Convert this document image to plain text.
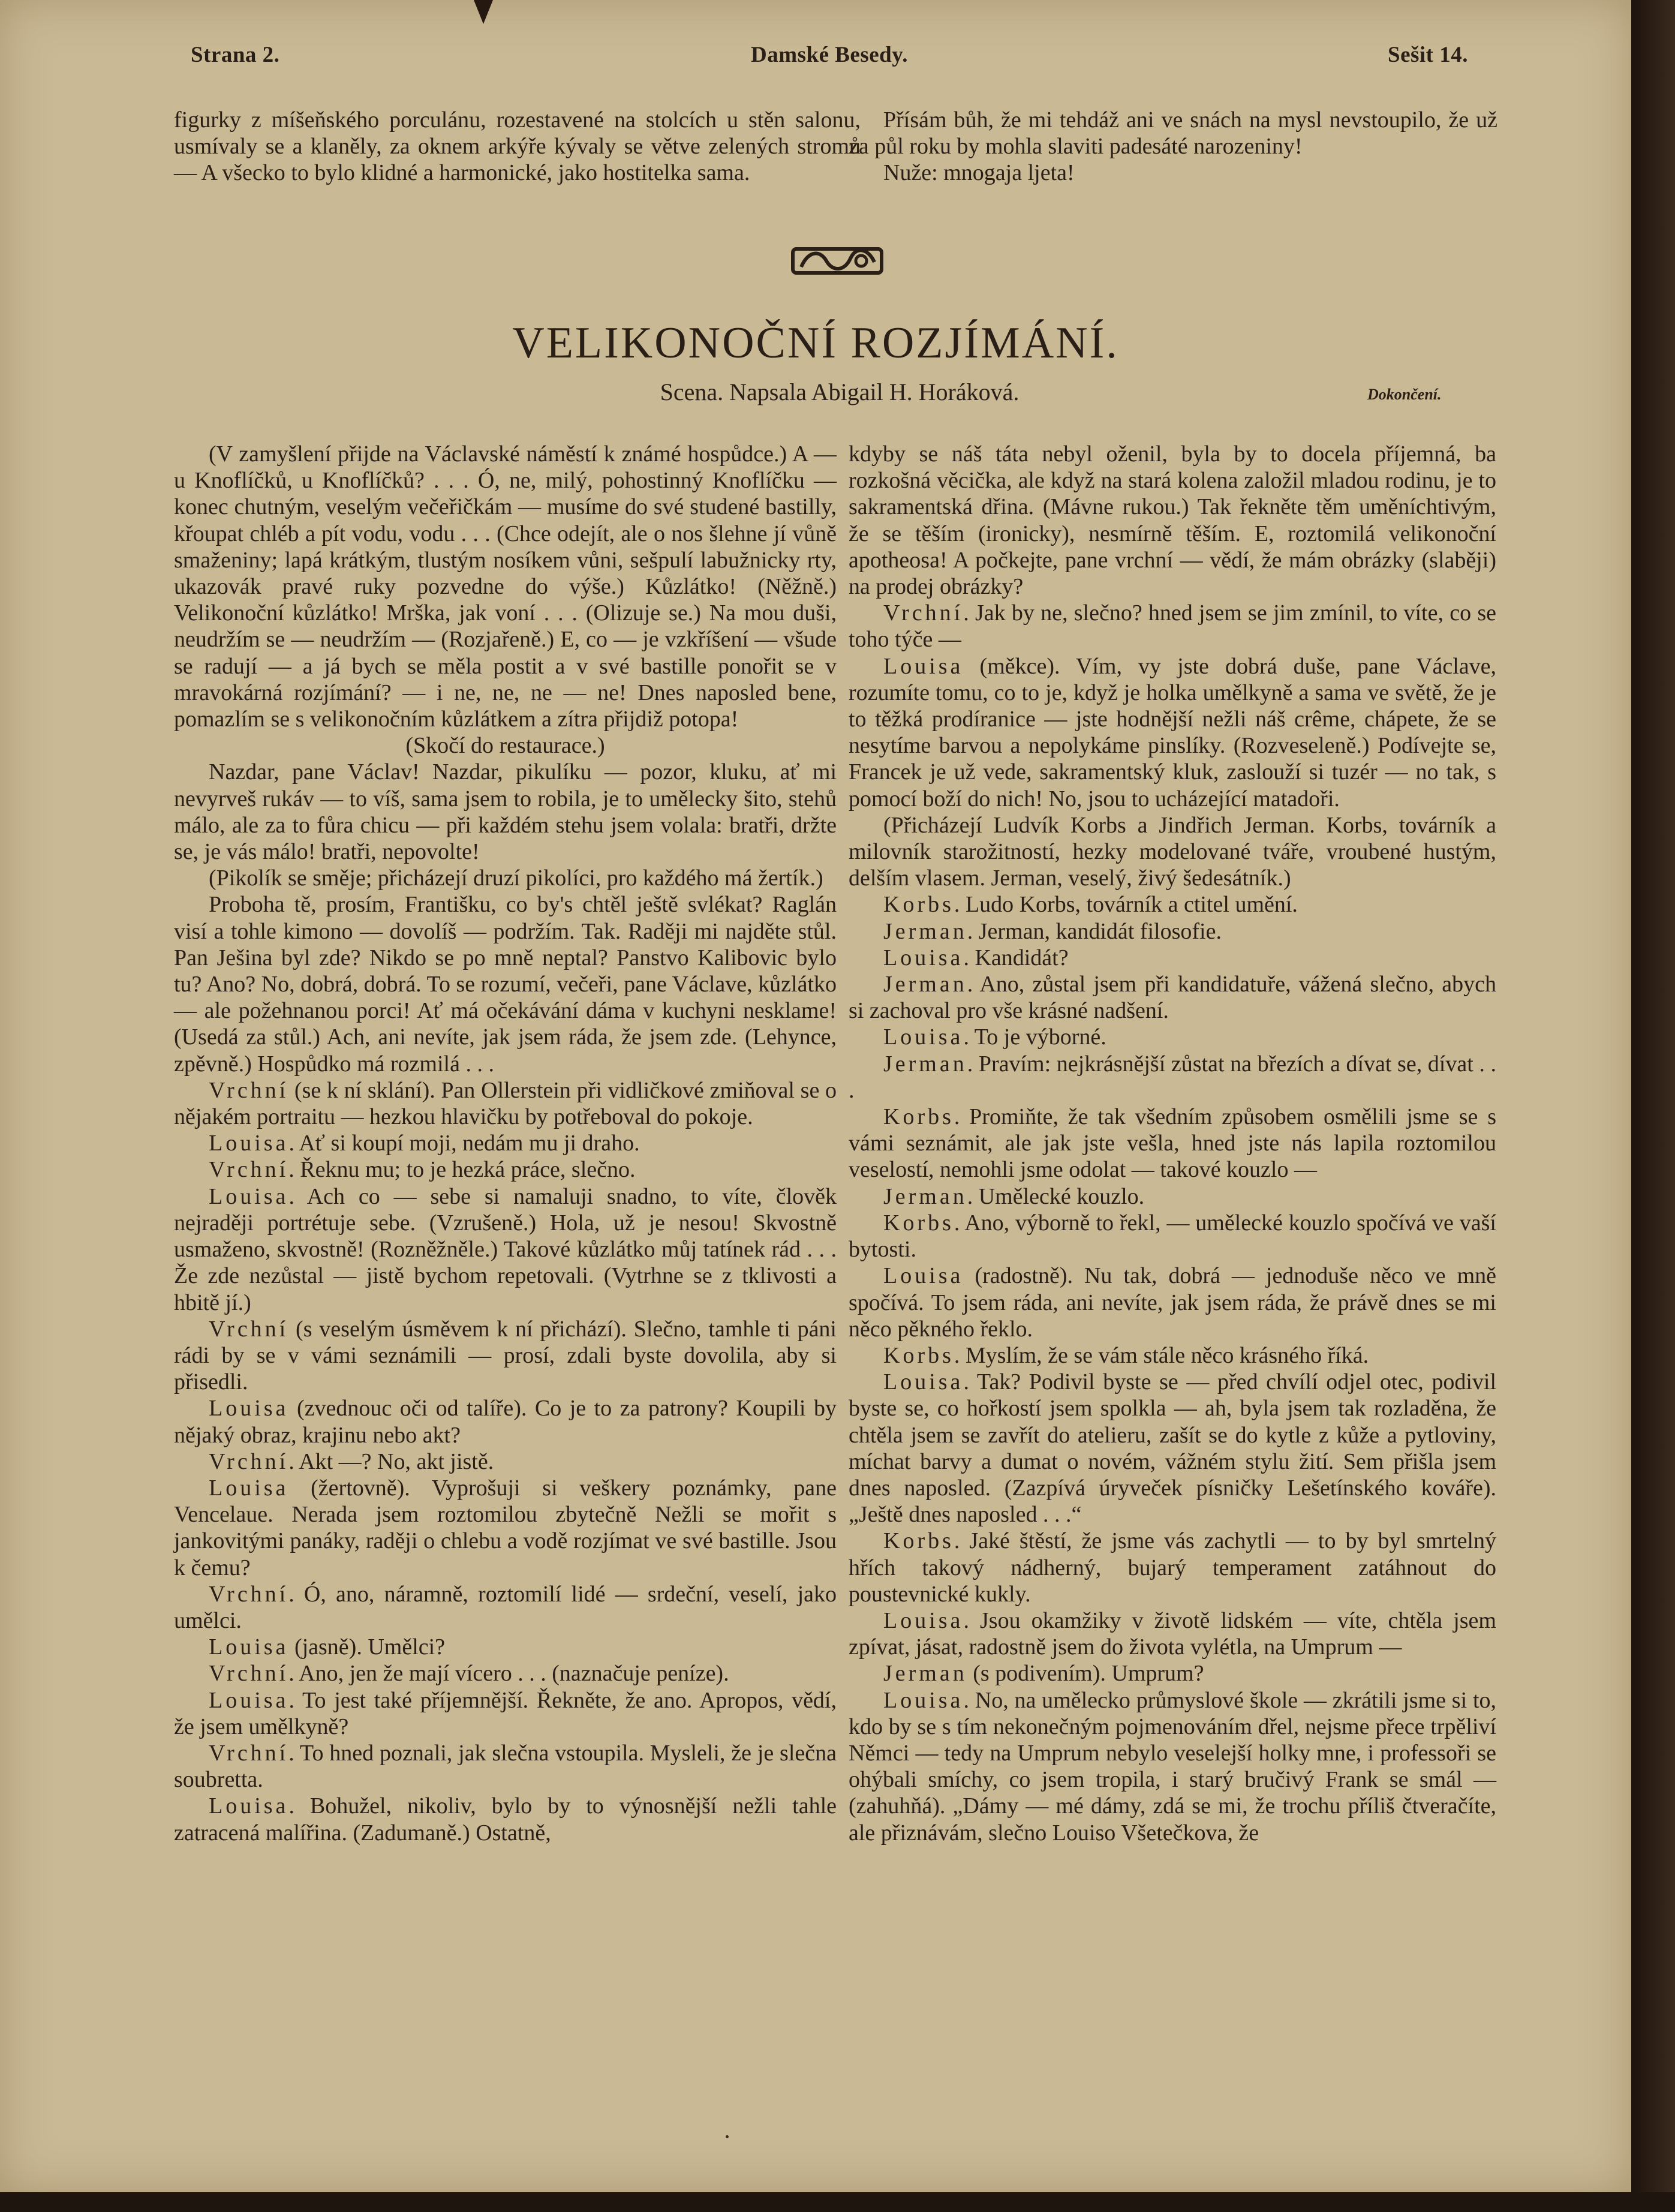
Strana 2.	Damské Besedy.	Sešit 14.

figurky z míšeňského porculánu, rozestavené na stolcích u stěn salonu, usmívaly se a klaněly, za oknem arkýře kývaly se větve zelených stromů — A všecko to bylo klidné a harmonické, jako hostitelka sama.

Přísám bůh, že mi tehdáž ani ve snách na mysl nevstoupilo, že už za půl roku by mohla slaviti padesáté narozeniny!

Nuže: mnogaja ljeta!

VELIKONOČNÍ ROZJÍMÁNÍ.
Scena. Napsala Abigail H. Horáková.	Dokončení.

(V zamyšlení přijde na Václavské náměstí k známé hospůdce.) A — u Knoflíčků, u Knoflíčků? . . . Ó, ne, milý, pohostinný Knoflíčku — konec chutným, veselým večeřičkám — musíme do své studené bastilly, křoupat chléb a pít vodu, vodu . . . (Chce odejít, ale o nos šlehne jí vůně smaženiny; lapá krátkým, tlustým nosíkem vůni, sešpulí labužnicky rty, ukazovák pravé ruky pozvedne do výše.) Kůzlátko! (Něžně.) Velikonoční kůzlátko! Mrška, jak voní . . . (Olizuje se.) Na mou duši, neudržím se — neudržím — (Rozjařeně.) E, co — je vzkříšení — všude se radují — a já bych se měla postit a v své bastille ponořit se v mravokárná rozjímání? — i ne, ne, ne — ne! Dnes naposled bene, pomazlím se s velikonočním kůzlátkem a zítra přijdiž potopa!

(Skočí do restaurace.)

Nazdar, pane Václav! Nazdar, pikulíku — pozor, kluku, ať mi nevyrveš rukáv — to víš, sama jsem to robila, je to umělecky šito, stehů málo, ale za to fůra chicu — při každém stehu jsem volala: bratři, držte se, je vás málo! bratři, nepovolte!

(Pikolík se směje; přicházejí druzí pikolíci, pro každého má žertík.)

Proboha tě, prosím, Františku, co by's chtěl ještě svlékat? Raglán visí a tohle kimono — dovolíš — podržím. Tak. Raději mi najděte stůl. Pan Ješina byl zde? Nikdo se po mně neptal? Panstvo Kalibovic bylo tu? Ano? No, dobrá, dobrá. To se rozumí, večeři, pane Václave, kůzlátko — ale požehnanou porci! Ať má očekávání dáma v kuchyni nesklame! (Usedá za stůl.) Ach, ani nevíte, jak jsem ráda, že jsem zde. (Lehynce, zpěvně.) Hospůdko má rozmilá . . .

Vrchní (se k ní sklání). Pan Ollerstein při vidličkové zmiňoval se o nějakém portraitu — hezkou hlavičku by potřeboval do pokoje.

Louisa. Ať si koupí moji, nedám mu ji draho.

Vrchní. Řeknu mu; to je hezká práce, slečno.

Louisa. Ach co — sebe si namaluji snadno, to víte, člověk nejraději portrétuje sebe. (Vzrušeně.) Hola, už je nesou! Skvostně usmaženo, skvostně! (Rozněžněle.) Takové kůzlátko můj tatínek rád . . . Že zde nezůstal — jistě bychom repetovali. (Vytrhne se z tklivosti a hbitě jí.)

Vrchní (s veselým úsměvem k ní přichází). Slečno, tamhle ti páni rádi by se v vámi seznámili — prosí, zdali byste dovolila, aby si přisedli.

Louisa (zvednouc oči od talíře). Co je to za patrony? Koupili by nějaký obraz, krajinu nebo akt?

Vrchní. Akt —? No, akt jistě.

Louisa (žertovně). Vyprošuji si veškery poznámky, pane Vencelaue. Nerada jsem roztomilou zbytečně Nežli se mořit s jankovitými panáky, raději o chlebu a vodě rozjímat ve své bastille. Jsou k čemu?

Vrchní. Ó, ano, náramně, roztomilí lidé — srdeční, veselí, jako umělci.

Louisa (jasně). Umělci?

Vrchní. Ano, jen že mají vícero . . . (naznačuje peníze).

Louisa. To jest také příjemnější. Řekněte, že ano. Apropos, vědí, že jsem umělkyně?

Vrchní. To hned poznali, jak slečna vstoupila. Mysleli, že je slečna soubretta.

Louisa. Bohužel, nikoliv, bylo by to výnosnější nežli tahle zatracená malířina. (Zadumaně.) Ostatně,

kdyby se náš táta nebyl oženil, byla by to docela příjemná, ba rozkošná věcička, ale když na stará kolena založil mladou rodinu, je to sakramentská dřina. (Mávne rukou.) Tak řekněte těm uměníchtivým, že se těším (ironicky), nesmírně těším. E, roztomilá velikonoční apotheosa! A počkejte, pane vrchní — vědí, že mám obrázky (slaběji) na prodej obrázky?

Vrchní. Jak by ne, slečno? hned jsem se jim zmínil, to víte, co se toho týče —

Louisa (měkce). Vím, vy jste dobrá duše, pane Václave, rozumíte tomu, co to je, když je holka umělkyně a sama ve světě, že je to těžká prodíranice — jste hodnější nežli náš crême, chápete, že se nesytíme barvou a nepolykáme pinslíky. (Rozveseleně.) Podívejte se, Francek je už vede, sakramentský kluk, zaslouží si tuzér — no tak, s pomocí boží do nich! No, jsou to ucházející matadoři.

(Přicházejí Ludvík Korbs a Jindřich Jerman. Korbs, továrník a milovník starožitností, hezky modelované tváře, vroubené hustým, delším vlasem. Jerman, veselý, živý šedesátník.)

Korbs. Ludo Korbs, továrník a ctitel umění.

Jerman. Jerman, kandidát filosofie.

Louisa. Kandidát?

Jerman. Ano, zůstal jsem při kandidatuře, vážená slečno, abych si zachoval pro vše krásné nadšení.

Louisa. To je výborné.

Jerman. Pravím: nejkrásnější zůstat na březích a dívat se, dívat . . .

Korbs. Promiňte, že tak všedním způsobem osmělili jsme se s vámi seznámit, ale jak jste vešla, hned jste nás lapila roztomilou veselostí, nemohli jsme odolat — takové kouzlo —

Jerman. Umělecké kouzlo.

Korbs. Ano, výborně to řekl, — umělecké kouzlo spočívá ve vaší bytosti.

Louisa (radostně). Nu tak, dobrá — jednoduše něco ve mně spočívá. To jsem ráda, ani nevíte, jak jsem ráda, že právě dnes se mi něco pěkného řeklo.

Korbs. Myslím, že se vám stále něco krásného říká.

Louisa. Tak? Podivil byste se — před chvílí odjel otec, podivil byste se, co hořkostí jsem spolkla — ah, byla jsem tak rozladěna, že chtěla jsem se zavřít do atelieru, zašít se do kytle z kůže a pytloviny, míchat barvy a dumat o novém, vážném stylu žití. Sem přišla jsem dnes naposled. (Zazpívá úryveček písničky Lešetínského kováře). „Ještě dnes naposled . . .“

Korbs. Jaké štěstí, že jsme vás zachytli — to by byl smrtelný hřích takový nádherný, bujarý temperament zatáhnout do poustevnické kukly.

Louisa. Jsou okamžiky v životě lidském — víte, chtěla jsem zpívat, jásat, radostně jsem do života vylétla, na Umprum —

Jerman (s podivením). Umprum?

Louisa. No, na umělecko průmyslové škole — zkrátili jsme si to, kdo by se s tím nekonečným pojmenováním dřel, nejsme přece trpěliví Němci — tedy na Umprum nebylo veselejší holky mne, i professoři se ohýbali smíchy, co jsem tropila, i starý bručivý Frank se smál — (zahuhňá). „Dámy — mé dámy, zdá se mi, že trochu příliš čtveračíte, ale přiznávám, slečno Louiso Všetečkova, že
